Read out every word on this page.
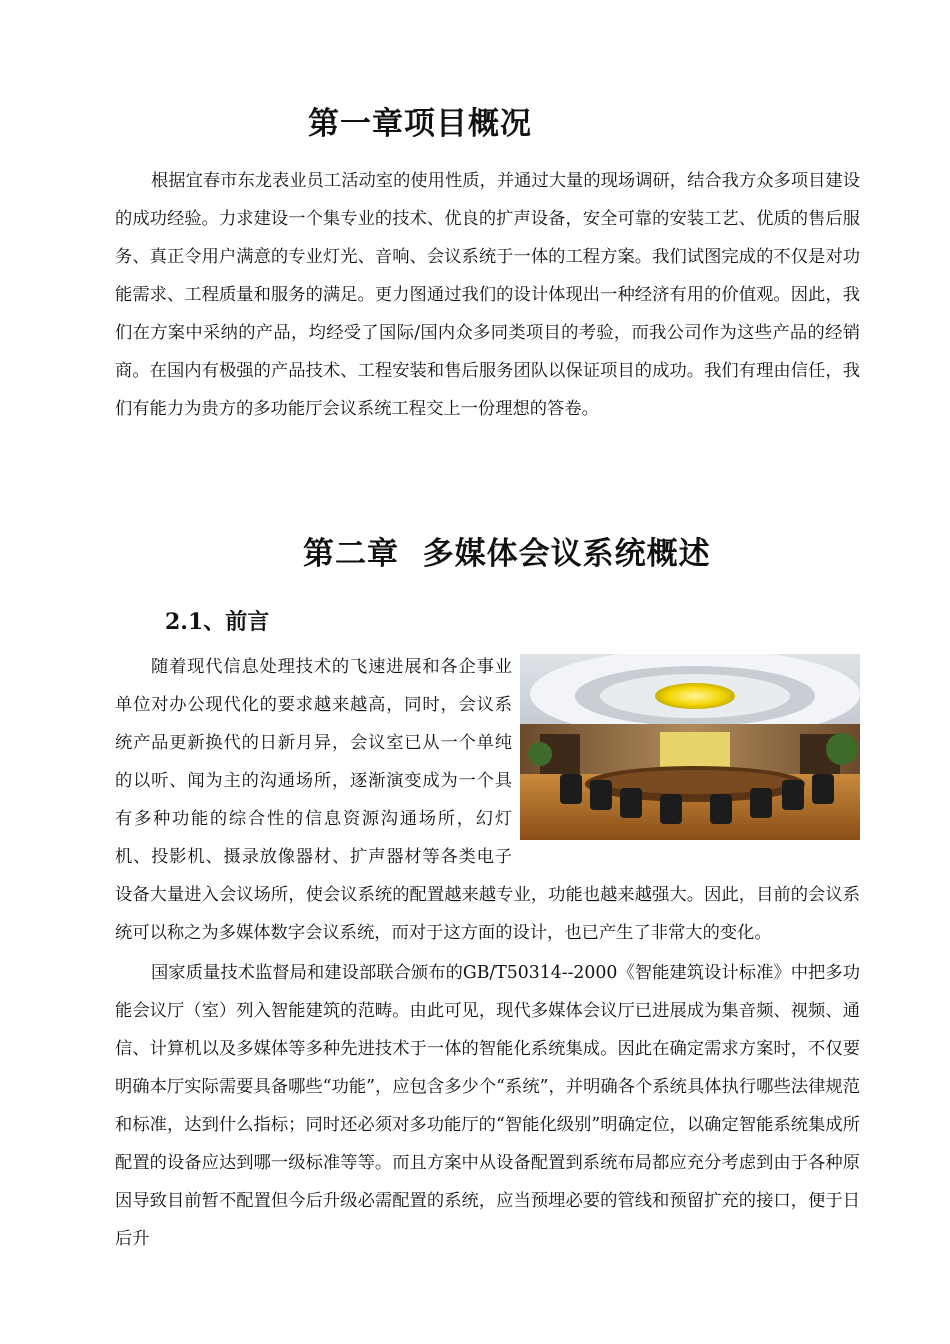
第一章项目概况

根据宜春市东龙表业员工活动室的使用性质，并通过大量的现场调研，结合我方众多项目建设的成功经验。力求建设一个集专业的技术、优良的扩声设备，安全可靠的安装工艺、优质的售后服务、真正令用户满意的专业灯光、音响、会议系统于一体的工程方案。我们试图完成的不仅是对功能需求、工程质量和服务的满足。更力图通过我们的设计体现出一种经济有用的价值观。因此，我们在方案中采纳的产品，均经受了国际/国内众多同类项目的考验，而我公司作为这些产品的经销商。在国内有极强的产品技术、工程安装和售后服务团队以保证项目的成功。我们有理由信任，我们有能力为贵方的多功能厅会议系统工程交上一份理想的答卷。

第二章  多媒体会议系统概述
2.1、前言

随着现代信息处理技术的飞速进展和各企事业单位对办公现代化的要求越来越高，同时，会议系统产品更新换代的日新月异，会议室已从一个单纯的以听、闻为主的沟通场所，逐渐演变成为一个具有多种功能的综合性的信息资源沟通场所，幻灯机、投影机、摄录放像器材、扩声器材等各类电子设备大量进入会议场所，使会议系统的配置越来越专业，功能也越来越强大。因此，目前的会议系统可以称之为多媒体数字会议系统，而对于这方面的设计，也已产生了非常大的变化。

国家质量技术监督局和建设部联合颁布的GB/T50314--2000《智能建筑设计标准》中把多功能会议厅（室）列入智能建筑的范畴。由此可见，现代多媒体会议厅已进展成为集音频、视频、通信、计算机以及多媒体等多种先进技术于一体的智能化系统集成。因此在确定需求方案时，不仅要明确本厅实际需要具备哪些“功能”，应包含多少个“系统”，并明确各个系统具体执行哪些法律规范和标准，达到什么指标；同时还必须对多功能厅的“智能化级别”明确定位，以确定智能系统集成所配置的设备应达到哪一级标准等等。而且方案中从设备配置到系统布局都应充分考虑到由于各种原因导致目前暂不配置但今后升级必需配置的系统，应当预埋必要的管线和预留扩充的接口，便于日后升
